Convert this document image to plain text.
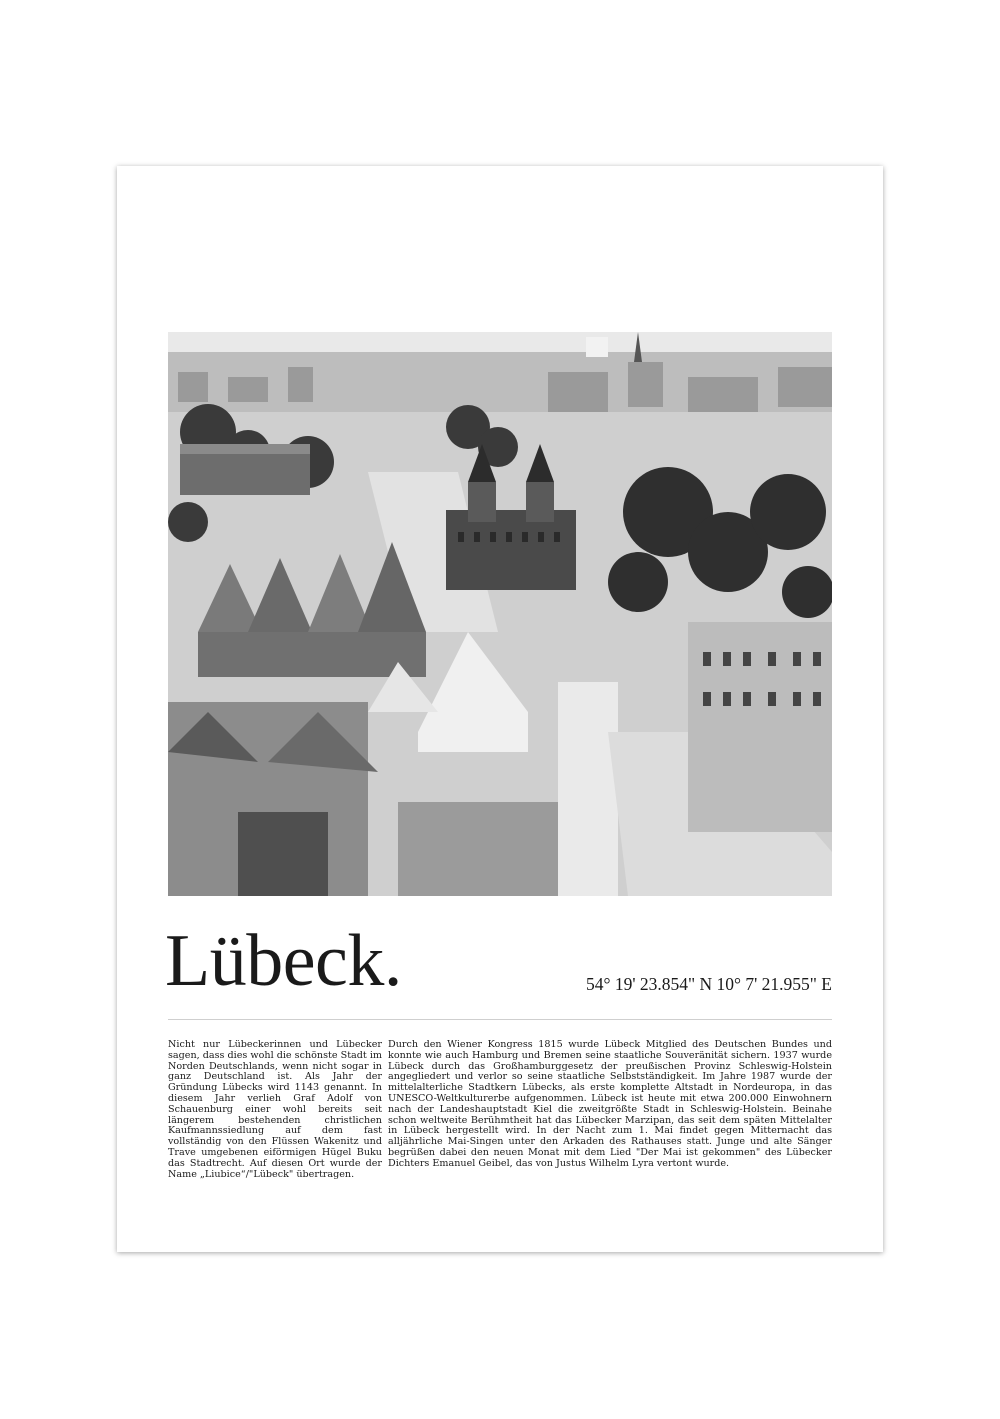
Lübeck.	54° 19' 23.854" N 10° 7' 21.955" E

Nicht nur Lübeckerinnen und Lübecker sagen, dass dies wohl die schönste Stadt im Norden Deutschlands, wenn nicht sogar in ganz Deutschland ist. Als Jahr der Gründung Lübecks wird 1143 genannt. In diesem Jahr verlieh Graf Adolf von Schauenburg einer wohl bereits seit längerem bestehenden christlichen Kaufmannssiedlung auf dem fast vollständig von den Flüssen Wakenitz und Trave umgebenen eiförmigen Hügel Buku das Stadtrecht. Auf diesen Ort wurde der Name „Liubice“/"Lübeck" übertragen.

Durch den Wiener Kongress 1815 wurde Lübeck Mitglied des Deutschen Bundes und konnte wie auch Hamburg und Bremen seine staatliche Souveränität sichern. 1937 wurde Lübeck durch das Großhamburggesetz der preußischen Provinz Schleswig-Holstein angegliedert und verlor so seine staatliche Selbstständigkeit. Im Jahre 1987 wurde der mittelalterliche Stadtkern Lübecks, als erste komplette Altstadt in Nordeuropa, in das UNESCO-Weltkulturerbe aufgenommen. Lübeck ist heute mit etwa 200.000 Einwohnern nach der Landeshauptstadt Kiel die zweitgrößte Stadt in Schleswig-Holstein. Beinahe schon weltweite Berühmtheit hat das Lübecker Marzipan, das seit dem späten Mittelalter in Lübeck hergestellt wird. In der Nacht zum 1. Mai findet gegen Mitternacht das alljährliche Mai-Singen unter den Arkaden des Rathauses statt. Junge und alte Sänger begrüßen dabei den neuen Monat mit dem Lied "Der Mai ist gekommen" des Lübecker Dichters Emanuel Geibel, das von Justus Wilhelm Lyra vertont wurde.
